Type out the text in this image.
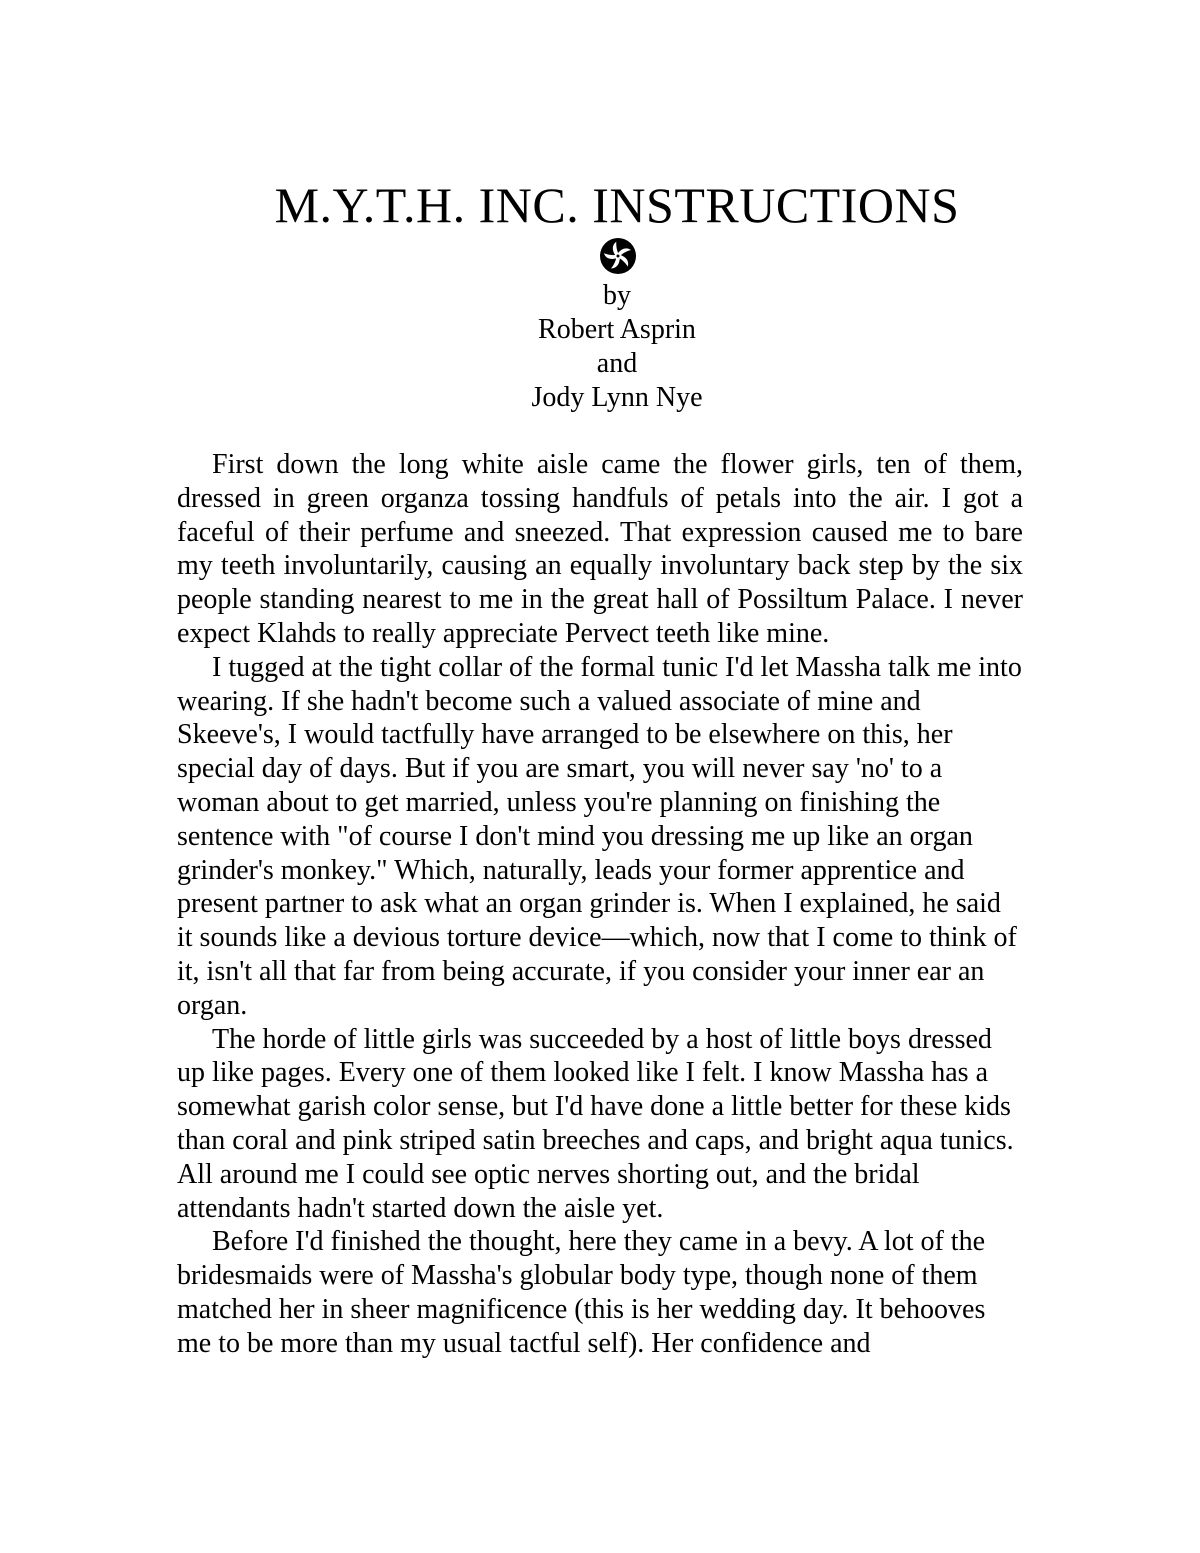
M.Y.T.H. INC. INSTRUCTIONS
by
Robert Asprin
and
Jody Lynn Nye

First down the long white aisle came the flower girls, ten of them, dressed in green organza tossing handfuls of petals into the air. I got a faceful of their perfume and sneezed. That expression caused me to bare my teeth involuntarily, causing an equally involuntary back step by the six people standing nearest to me in the great hall of Possiltum Palace. I never expect Klahds to really appreciate Pervect teeth like mine.

I tugged at the tight collar of the formal tunic I'd let Massha talk me into wearing. If she hadn't become such a valued associate of mine and Skeeve's, I would tactfully have arranged to be elsewhere on this, her special day of days. But if you are smart, you will never say 'no' to a woman about to get married, unless you're planning on finishing the sentence with "of course I don't mind you dressing me up like an organ grinder's monkey." Which, naturally, leads your former apprentice and present partner to ask what an organ grinder is. When I explained, he said it sounds like a devious torture device—which, now that I come to think of it, isn't all that far from being accurate, if you consider your inner ear an organ.

The horde of little girls was succeeded by a host of little boys dressed up like pages. Every one of them looked like I felt. I know Massha has a somewhat garish color sense, but I'd have done a little better for these kids than coral and pink striped satin breeches and caps, and bright aqua tunics. All around me I could see optic nerves shorting out, and the bridal attendants hadn't started down the aisle yet.

Before I'd finished the thought, here they came in a bevy. A lot of the bridesmaids were of Massha's globular body type, though none of them matched her in sheer magnificence (this is her wedding day. It behooves me to be more than my usual tactful self). Her confidence and
